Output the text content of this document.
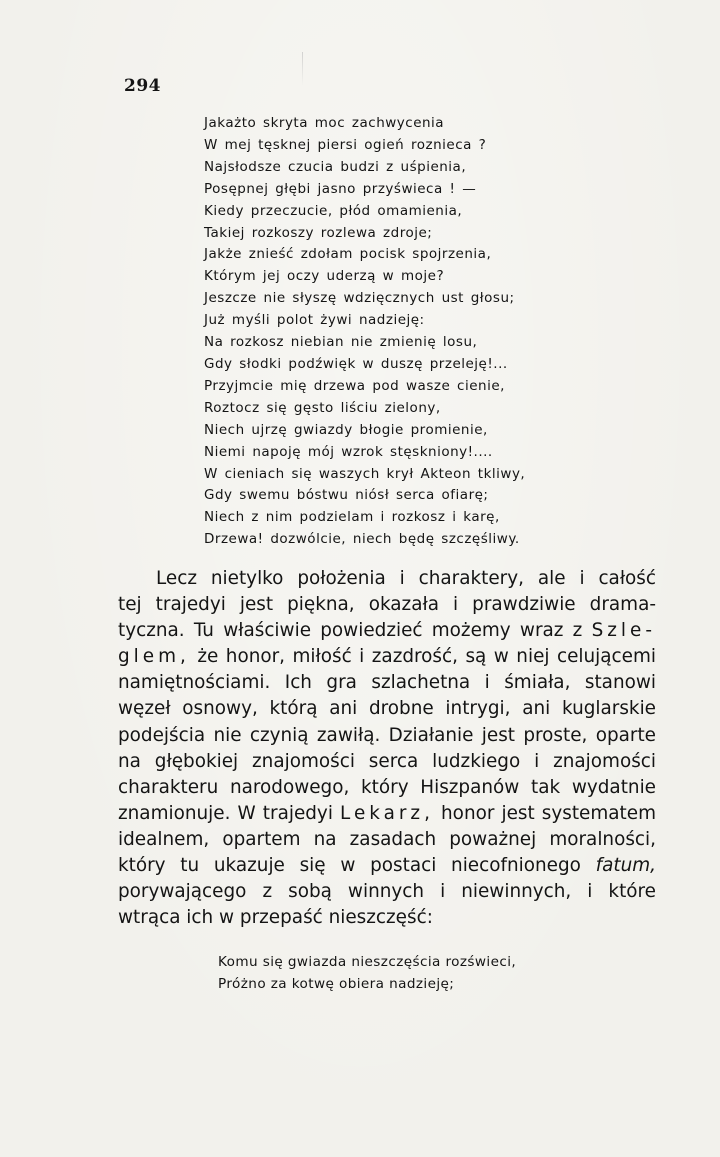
294
Jakażto skryta moc zachwycenia
W mej tęsknej piersi ogień roznieca ?
Najsłodsze czucia budzi z uśpienia,
Posępnej głębi jasno przyświeca ! —
Kiedy przeczucie, płód omamienia,
Takiej rozkoszy rozlewa zdroje;
Jakże znieść zdołam pocisk spojrzenia,
Którym jej oczy uderzą w moje?
Jeszcze nie słyszę wdzięcznych ust głosu;
Już myśli polot żywi nadzieję:
Na rozkosz niebian nie zmienię losu,
Gdy słodki podźwięk w duszę przeleję!...
Przyjmcie mię drzewa pod wasze cienie,
Roztocz się gęsto liściu zielony,
Niech ujrzę gwiazdy błogie promienie,
Niemi napoję mój wzrok stęskniony!....
W cieniach się waszych krył Akteon tkliwy,
Gdy swemu bóstwu niósł serca ofiarę;
Niech z nim podzielam i rozkosz i karę,
Drzewa! dozwólcie, niech będę szczęśliwy.
Lecz nietylko położenia i charaktery, ale i całość
tej trajedyi jest piękna, okazała i prawdziwie drama-
tyczna. Tu właściwie powiedzieć możemy wraz z Szle-
glem, że honor, miłość i zazdrość, są w niej celującemi
namiętnościami. Ich gra szlachetna i śmiała, stanowi
węzeł osnowy, którą ani drobne intrygi, ani kuglarskie
podejścia nie czynią zawiłą. Działanie jest proste, oparte
na głębokiej znajomości serca ludzkiego i znajomości
charakteru narodowego, który Hiszpanów tak wydatnie
znamionuje. W trajedyi Lekarz, honor jest systematem
idealnem, opartem na zasadach poważnej moralności,
który tu ukazuje się w postaci niecofnionego fatum,
porywającego z sobą winnych i niewinnych, i które
wtrąca ich w przepaść nieszczęść:
Komu się gwiazda nieszczęścia rozświeci,
Próżno za kotwę obiera nadzieję;
